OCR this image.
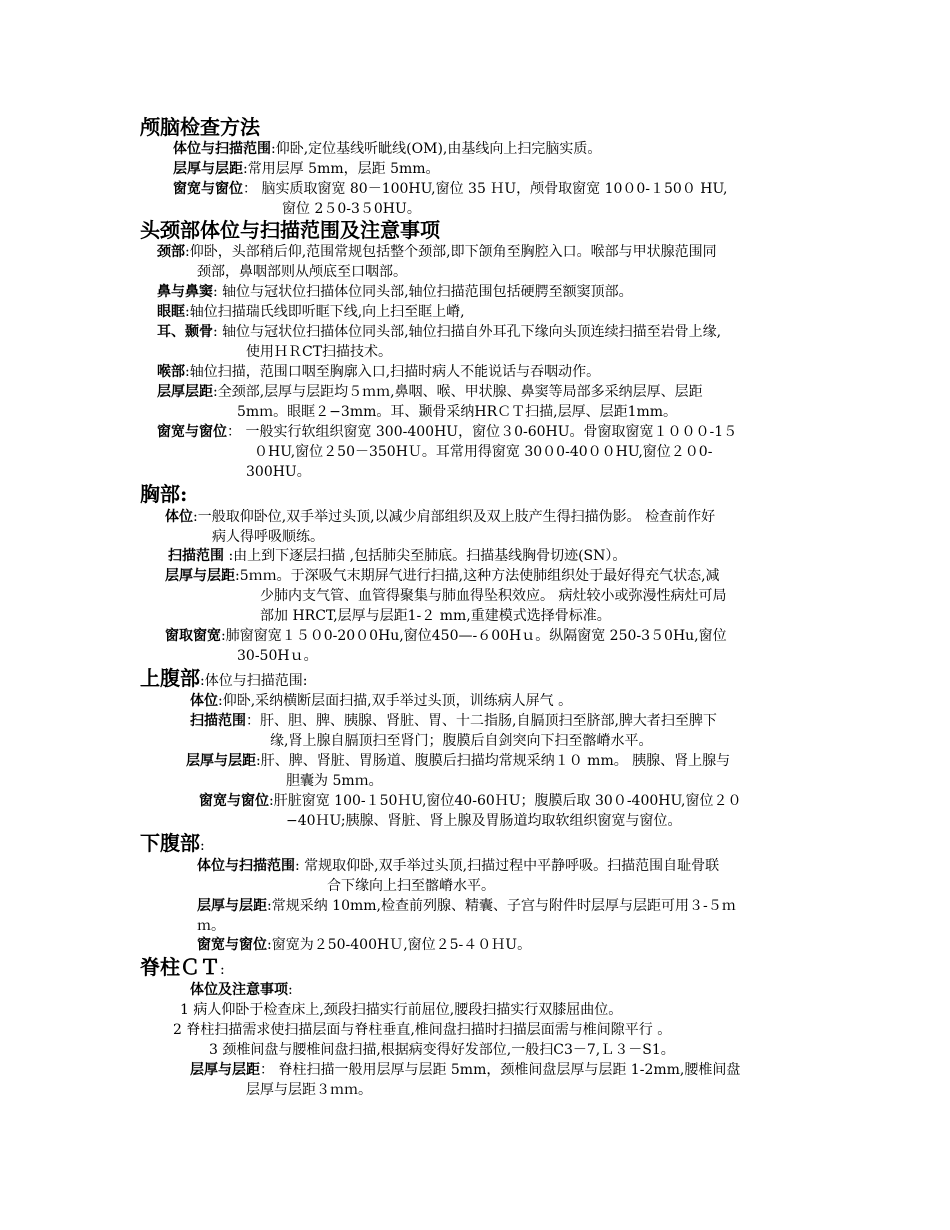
颅脑检查方法
体位与扫描范围:仰卧,定位基线听眦线(OM),由基线向上扫完脑实质。
层厚与层距:常用层厚 5mm，层距 5mm。
窗宽与窗位： 脑实质取窗宽 80－100HU,窗位 35 ＨU，颅骨取窗宽 10０0-１50０ HU,
窗位 2５0-3５0HU。
头颈部体位与扫描范围及注意事项
颈部:仰卧，头部稍后仰,范围常规包括整个颈部,即下颌角至胸腔入口。喉部与甲状腺范围同
颈部，鼻咽部则从颅底至口咽部。
鼻与鼻窦: 轴位与冠状位扫描体位同头部,轴位扫描范围包括硬腭至额窦顶部。
眼眶:轴位扫描瑞氏线即听眶下线,向上扫至眶上嵴,
耳、颞骨: 轴位与冠状位扫描体位同头部,轴位扫描自外耳孔下缘向头顶连续扫描至岩骨上缘,
使用ＨＲCT扫描技术。
喉部:轴位扫描，范围口咽至胸廓入口,扫描时病人不能说话与吞咽动作。
层厚层距:全颈部,层厚与层距均５ｍｍ,鼻咽、喉、甲状腺、鼻窦等局部多采纳层厚、层距
5mｍ。眼眶２−3mm。耳、颞骨采纳HRＣＴ扫描,层厚、层距1mm。
窗宽与窗位： 一般实行软组织窗宽 300-400HU，窗位３0-60HU。骨窗取窗宽１０００-1５
０HU,窗位２50－350HＵ。耳常用得窗宽 30０0-40００HU,窗位２０0-
300HU。
胸部:
体位:一般取仰卧位,双手举过头顶,以减少肩部组织及双上肢产生得扫描伪影。 检查前作好
病人得呼吸顺练。
扫描范围 :由上到下逐层扫描 ,包括肺尖至肺底。扫描基线胸骨切迹(SN）。
层厚与层距:5ｍｍ。于深吸气末期屏气进行扫描,这种方法使肺组织处于最好得充气状态,减
少肺内支气管、血管得聚集与肺血得坠积效应。 病灶较小或弥漫性病灶可局
部加 HRCT,层厚与层距1-２ mm,重建模式选择骨标准。
窗取窗宽:肺窗窗宽１５０0-20０0Hu,窗位450—-６00Hｕ。纵隔窗宽 250-3５0Hu,窗位
30-50Hｕ。
上腹部:体位与扫描范围:
体位:仰卧,采纳横断层面扫描,双手举过头顶，训练病人屏气 。
扫描范围：肝、胆、脾、胰腺、肾脏、胃、十二指肠,自膈顶扫至脐部,脾大者扫至脾下
缘,肾上腺自膈顶扫至肾门；腹膜后自剑突向下扫至髂嵴水平。
层厚与层距:肝、脾、肾脏、胃肠道、腹膜后扫描均常规采纳１０ mm。 胰腺、肾上腺与
胆囊为 5mｍ。
窗宽与窗位:肝脏窗宽 100-１50ＨU,窗位40-60ＨU；腹膜后取 30０-400HU,窗位２０
−40ＨU;胰腺、肾脏、肾上腺及胃肠道均取软组织窗宽与窗位。
下腹部:
体位与扫描范围: 常规取仰卧,双手举过头顶,扫描过程中平静呼吸。扫描范围自耻骨联
合下缘向上扫至髂嵴水平。
层厚与层距:常规采纳 10mm,检查前列腺、精囊、子宫与附件时层厚与层距可用３-５ｍ
ｍ。
窗宽与窗位:窗宽为２50-400HＵ,窗位２5-４０ＨU。
脊柱ＣＴ:
体位及注意事项:
1 病人仰卧于检查床上,颈段扫描实行前屈位,腰段扫描实行双膝屈曲位。
2 脊柱扫描需求使扫描层面与脊柱垂直,椎间盘扫描时扫描层面需与椎间隙平行 。
3 颈椎间盘与腰椎间盘扫描,根据病变得好发部位,一般扫C3－7,Ｌ３－S1。
层厚与层距： 脊柱扫描一般用层厚与层距 5mm，颈椎间盘层厚与层距 1-2mm,腰椎间盘
层厚与层距３ｍｍ。
